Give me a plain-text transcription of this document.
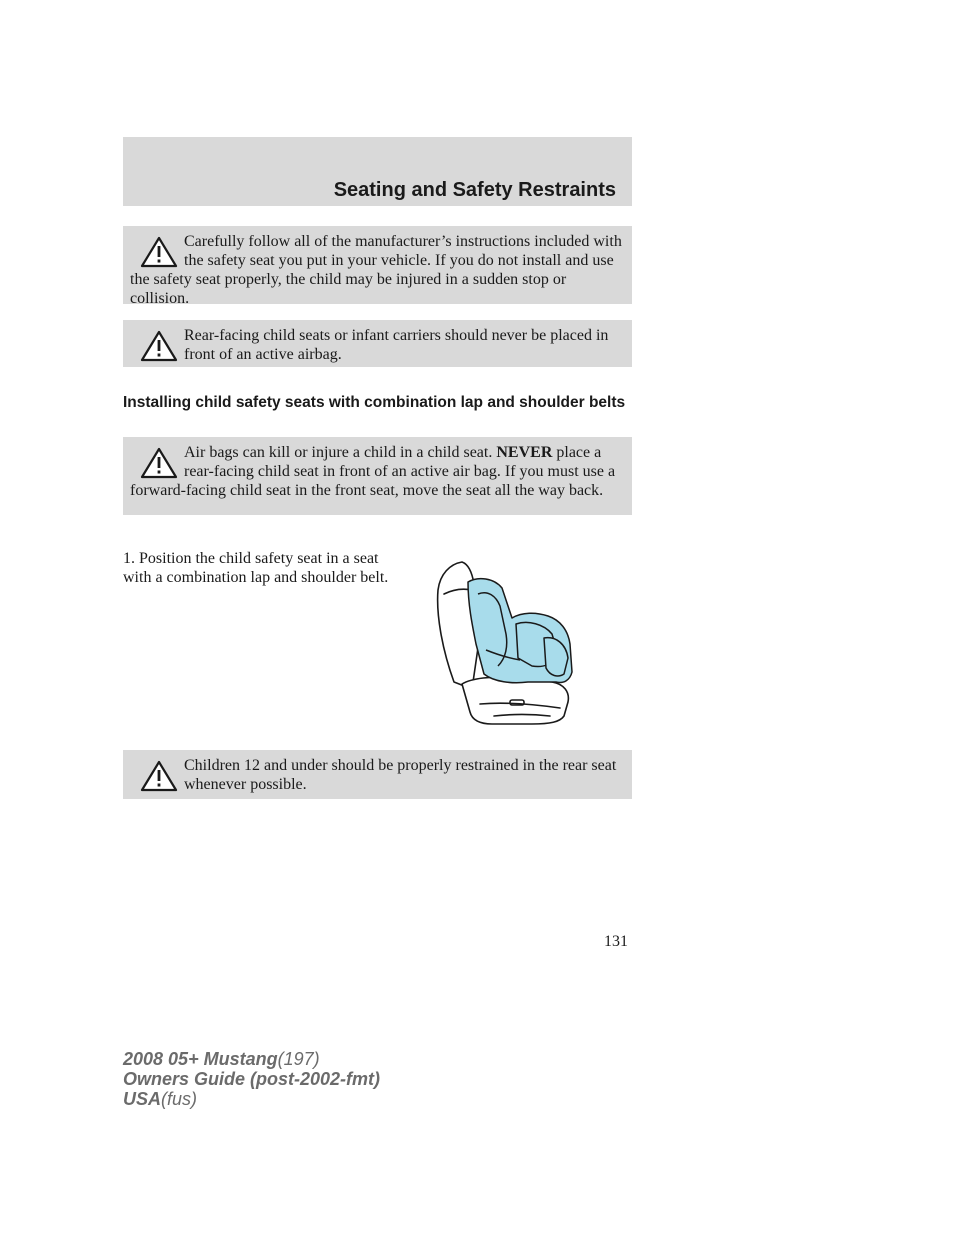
Seating and Safety Restraints

Carefully follow all of the manufacturer’s instructions included with the safety seat you put in your vehicle. If you do not install and use the safety seat properly, the child may be injured in a sudden stop or collision.

Rear-facing child seats or infant carriers should never be placed in front of an active airbag.

Installing child safety seats with combination lap and shoulder belts

Air bags can kill or injure a child in a child seat. NEVER place a rear-facing child seat in front of an active air bag. If you must use a forward-facing child seat in the front seat, move the seat all the way back.

1. Position the child safety seat in a seat with a combination lap and shoulder belt.

Children 12 and under should be properly restrained in the rear seat whenever possible.

131
2008 05+ Mustang(197)
Owners Guide (post-2002-fmt)
USA(fus)
